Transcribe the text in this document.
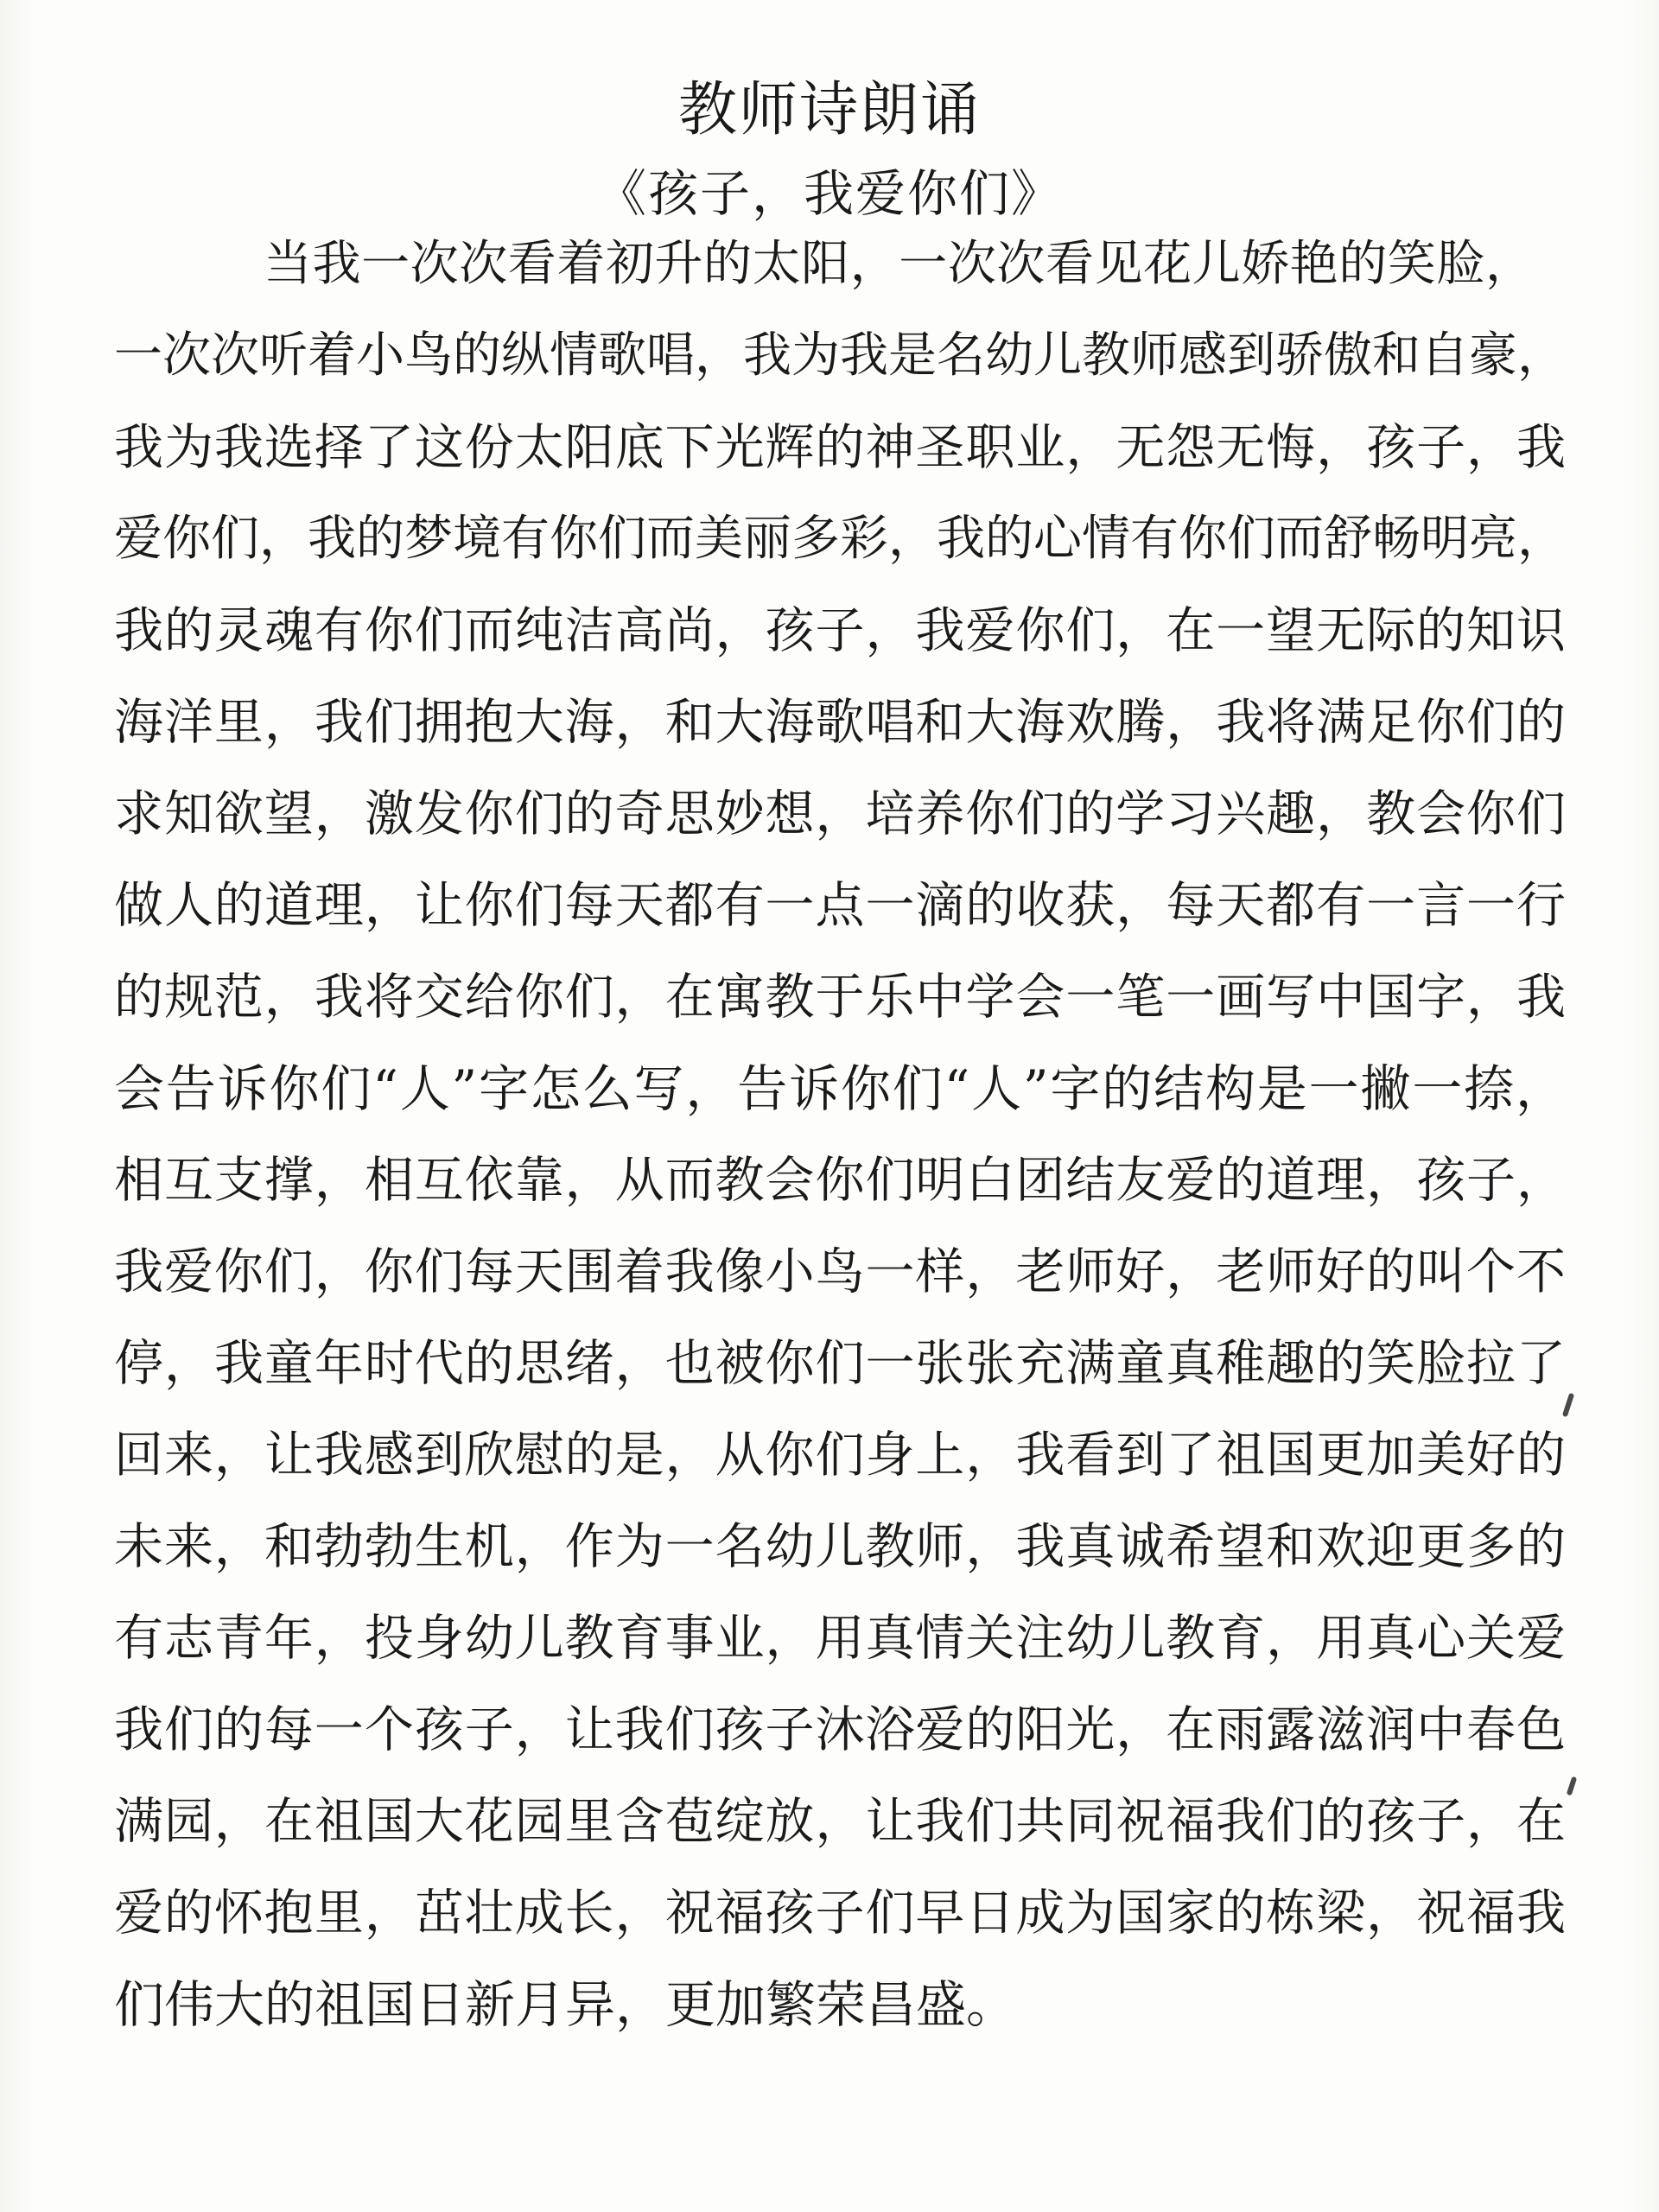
教师诗朗诵
《孩子，我爱你们》
当我一次次看着初升的太阳，一次次看见花儿娇艳的笑脸，
一次次听着小鸟的纵情歌唱，我为我是名幼儿教师感到骄傲和自豪，
我为我选择了这份太阳底下光辉的神圣职业，无怨无悔，孩子，我
爱你们，我的梦境有你们而美丽多彩，我的心情有你们而舒畅明亮，
我的灵魂有你们而纯洁高尚，孩子，我爱你们，在一望无际的知识
海洋里，我们拥抱大海，和大海歌唱和大海欢腾，我将满足你们的
求知欲望，激发你们的奇思妙想，培养你们的学习兴趣，教会你们
做人的道理，让你们每天都有一点一滴的收获，每天都有一言一行
的规范，我将交给你们，在寓教于乐中学会一笔一画写中国字，我
会告诉你们“人”字怎么写，告诉你们“人”字的结构是一撇一捺，
相互支撑，相互依靠，从而教会你们明白团结友爱的道理，孩子，
我爱你们，你们每天围着我像小鸟一样，老师好，老师好的叫个不
停，我童年时代的思绪，也被你们一张张充满童真稚趣的笑脸拉了
回来，让我感到欣慰的是，从你们身上，我看到了祖国更加美好的
未来，和勃勃生机，作为一名幼儿教师，我真诚希望和欢迎更多的
有志青年，投身幼儿教育事业，用真情关注幼儿教育，用真心关爱
我们的每一个孩子，让我们孩子沐浴爱的阳光，在雨露滋润中春色
满园，在祖国大花园里含苞绽放，让我们共同祝福我们的孩子，在
爱的怀抱里，茁壮成长，祝福孩子们早日成为国家的栋梁，祝福我
们伟大的祖国日新月异，更加繁荣昌盛。
